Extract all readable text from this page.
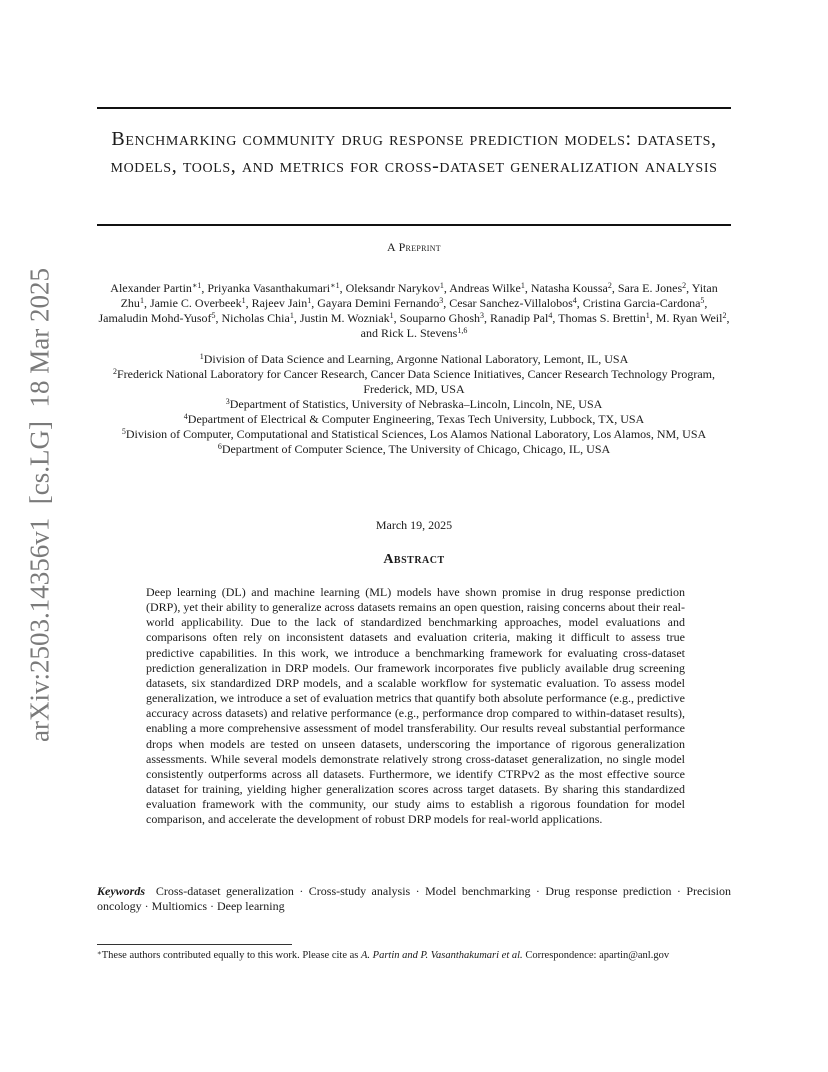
arXiv:2503.14356v1  [cs.LG]  18 Mar 2025
Benchmarking community drug response prediction models: datasets, models, tools, and metrics for cross-dataset generalization analysis
A Preprint
Alexander Partin$^{∗1}$, Priyanka Vasanthakumari$^{∗1}$, Oleksandr Narykov$^1$, Andreas Wilke$^1$, Natasha Koussa$^2$, Sara E. Jones$^2$, Yitan Zhu$^1$, Jamie C. Overbeek$^1$, Rajeev Jain$^1$, Gayara Demini Fernando$^3$, Cesar Sanchez-Villalobos$^4$, Cristina Garcia-Cardona$^5$, Jamaludin Mohd-Yusof$^5$, Nicholas Chia$^1$, Justin M. Wozniak$^1$, Souparno Ghosh$^3$, Ranadip Pal$^4$, Thomas S. Brettin$^1$, M. Ryan Weil$^2$, and Rick L. Stevens$^{1,6}$
$^1$Division of Data Science and Learning, Argonne National Laboratory, Lemont, IL, USA
$^2$Frederick National Laboratory for Cancer Research, Cancer Data Science Initiatives, Cancer Research Technology Program, Frederick, MD, USA
$^3$Department of Statistics, University of Nebraska–Lincoln, Lincoln, NE, USA
$^4$Department of Electrical & Computer Engineering, Texas Tech University, Lubbock, TX, USA
$^5$Division of Computer, Computational and Statistical Sciences, Los Alamos National Laboratory, Los Alamos, NM, USA
$^6$Department of Computer Science, The University of Chicago, Chicago, IL, USA
March 19, 2025
Abstract
Deep learning (DL) and machine learning (ML) models have shown promise in drug response prediction (DRP), yet their ability to generalize across datasets remains an open question, raising concerns about their real-world applicability. Due to the lack of standardized benchmarking approaches, model evaluations and comparisons often rely on inconsistent datasets and evaluation criteria, making it difficult to assess true predictive capabilities. In this work, we introduce a benchmarking framework for evaluating cross-dataset prediction generalization in DRP models. Our framework incorporates five publicly available drug screening datasets, six standardized DRP models, and a scalable workflow for systematic evaluation. To assess model generalization, we introduce a set of evaluation metrics that quantify both absolute performance (e.g., predictive accuracy across datasets) and relative performance (e.g., performance drop compared to within-dataset results), enabling a more comprehensive assessment of model transferability. Our results reveal substantial performance drops when models are tested on unseen datasets, underscoring the importance of rigorous generalization assessments. While several models demonstrate relatively strong cross-dataset generalization, no single model consistently outperforms across all datasets. Furthermore, we identify CTRPv2 as the most effective source dataset for training, yielding higher generalization scores across target datasets. By sharing this standardized evaluation framework with the community, our study aims to establish a rigorous foundation for model comparison, and accelerate the development of robust DRP models for real-world applications.
Keywords Cross-dataset generalization · Cross-study analysis · Model benchmarking · Drug response prediction · Precision oncology · Multiomics · Deep learning
∗These authors contributed equally to this work. Please cite as A. Partin and P. Vasanthakumari et al. Correspondence: apartin@anl.gov
